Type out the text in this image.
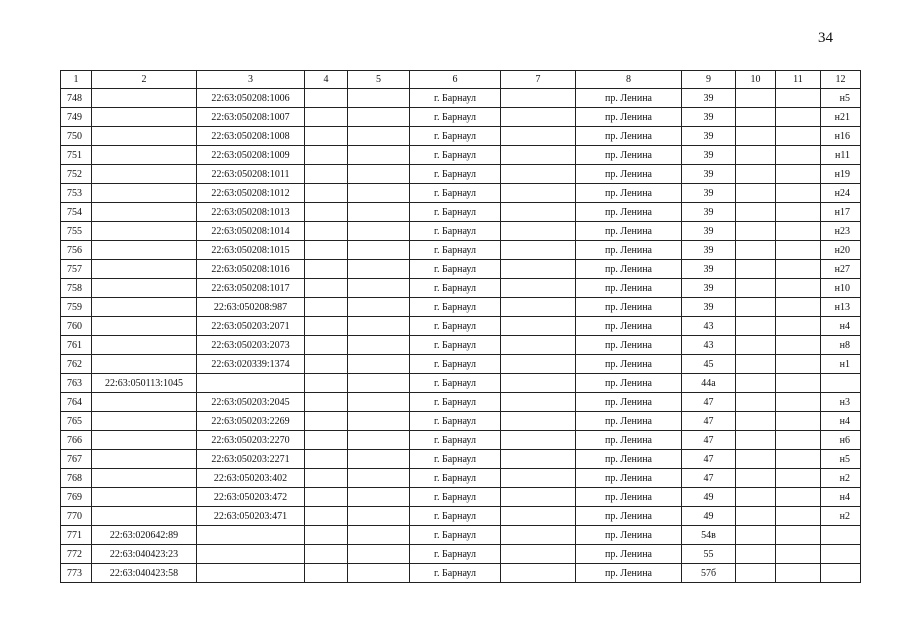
34
1	2	3	4	5	6	7	8	9	10	11	12
748		22:63:050208:1006			г. Барнаул		пр. Ленина	39			н5
749		22:63:050208:1007			г. Барнаул		пр. Ленина	39			н21
750		22:63:050208:1008			г. Барнаул		пр. Ленина	39			н16
751		22:63:050208:1009			г. Барнаул		пр. Ленина	39			н11
752		22:63:050208:1011			г. Барнаул		пр. Ленина	39			н19
753		22:63:050208:1012			г. Барнаул		пр. Ленина	39			н24
754		22:63:050208:1013			г. Барнаул		пр. Ленина	39			н17
755		22:63:050208:1014			г. Барнаул		пр. Ленина	39			н23
756		22:63:050208:1015			г. Барнаул		пр. Ленина	39			н20
757		22:63:050208:1016			г. Барнаул		пр. Ленина	39			н27
758		22:63:050208:1017			г. Барнаул		пр. Ленина	39			н10
759		22:63:050208:987			г. Барнаул		пр. Ленина	39			н13
760		22:63:050203:2071			г. Барнаул		пр. Ленина	43			н4
761		22:63:050203:2073			г. Барнаул		пр. Ленина	43			н8
762		22:63:020339:1374			г. Барнаул		пр. Ленина	45			н1
763	22:63:050113:1045				г. Барнаул		пр. Ленина	44а			
764		22:63:050203:2045			г. Барнаул		пр. Ленина	47			н3
765		22:63:050203:2269			г. Барнаул		пр. Ленина	47			н4
766		22:63:050203:2270			г. Барнаул		пр. Ленина	47			н6
767		22:63:050203:2271			г. Барнаул		пр. Ленина	47			н5
768		22:63:050203:402			г. Барнаул		пр. Ленина	47			н2
769		22:63:050203:472			г. Барнаул		пр. Ленина	49			н4
770		22:63:050203:471			г. Барнаул		пр. Ленина	49			н2
771	22:63:020642:89				г. Барнаул		пр. Ленина	54в			
772	22:63:040423:23				г. Барнаул		пр. Ленина	55			
773	22:63:040423:58				г. Барнаул		пр. Ленина	57б			
